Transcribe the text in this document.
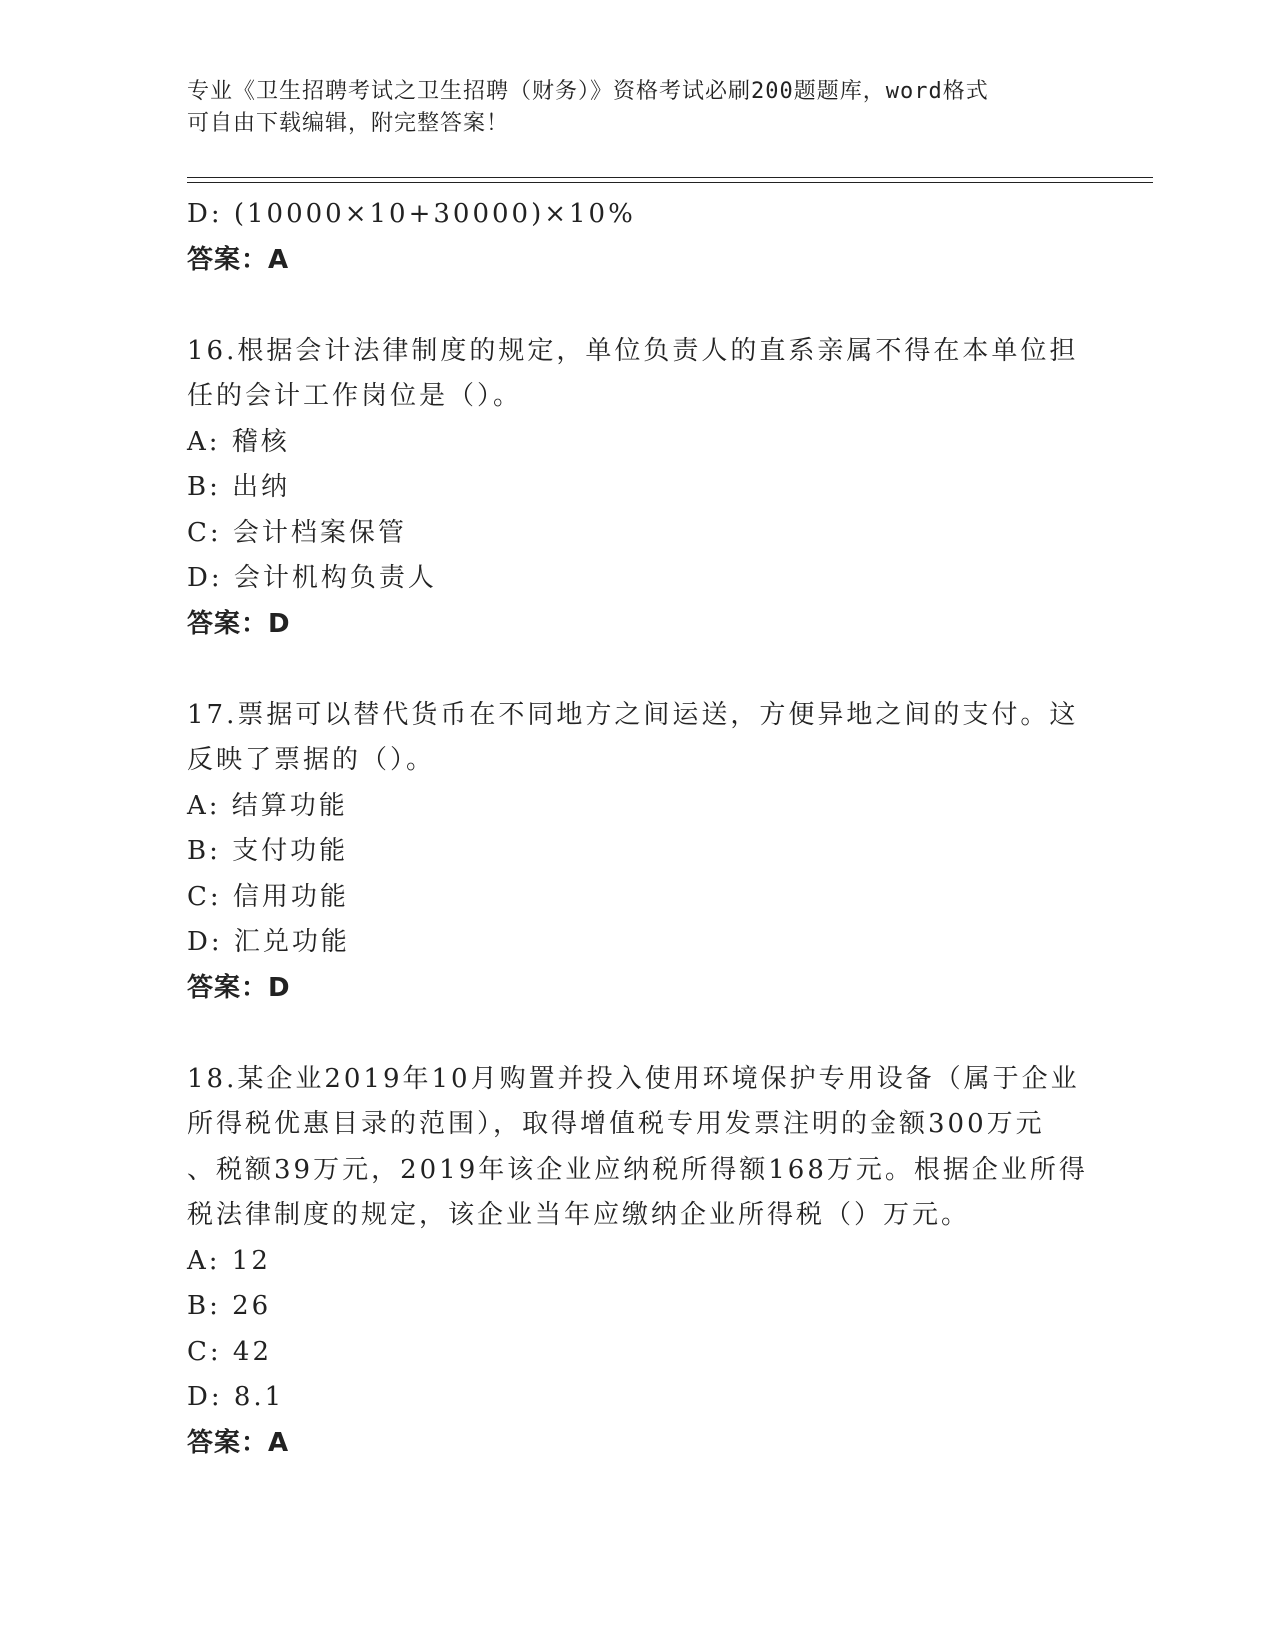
专业《卫生招聘考试之卫生招聘（财务）》资格考试必刷200题题库，word格式
可自由下载编辑，附完整答案！
D: (10000×10+30000)×10%
答案：A
16.根据会计法律制度的规定，单位负责人的直系亲属不得在本单位担
任的会计工作岗位是（）。
A: 稽核
B: 出纳
C: 会计档案保管
D: 会计机构负责人
答案：D
17.票据可以替代货币在不同地方之间运送，方便异地之间的支付。这
反映了票据的（）。
A: 结算功能
B: 支付功能
C: 信用功能
D: 汇兑功能
答案：D
18.某企业2019年10月购置并投入使用环境保护专用设备（属于企业
所得税优惠目录的范围），取得增值税专用发票注明的金额300万元
、税额39万元，2019年该企业应纳税所得额168万元。根据企业所得
税法律制度的规定，该企业当年应缴纳企业所得税（）万元。
A: 12
B: 26
C: 42
D: 8.1
答案：A
